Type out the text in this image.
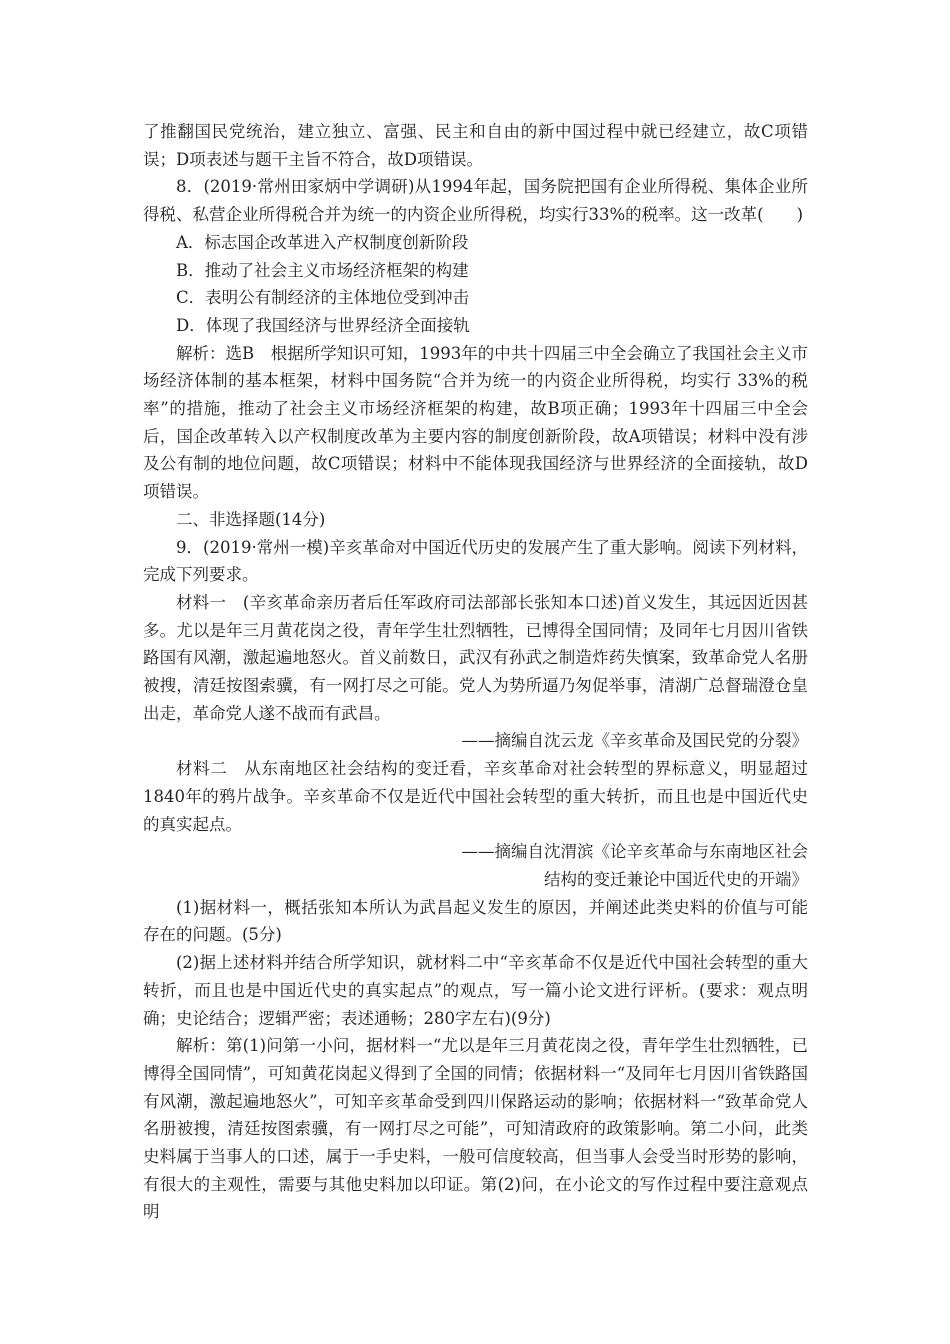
了推翻国民党统治，建立独立、富强、民主和自由的新中国过程中就已经建立，故C项错误；D项表述与题干主旨不符合，故D项错误。

8．(2019·常州田家炳中学调研)从1994年起，国务院把国有企业所得税、集体企业所得税、私营企业所得税合并为统一的内资企业所得税，均实行33%的税率。这一改革(　　)

A．标志国企改革进入产权制度创新阶段

B．推动了社会主义市场经济框架的构建

C．表明公有制经济的主体地位受到冲击

D．体现了我国经济与世界经济全面接轨

解析：选B　根据所学知识可知，1993年的中共十四届三中全会确立了我国社会主义市场经济体制的基本框架，材料中国务院“合并为统一的内资企业所得税，均实行 33%的税率”的措施，推动了社会主义市场经济框架的构建，故B项正确；1993年十四届三中全会后，国企改革转入以产权制度改革为主要内容的制度创新阶段，故A项错误；材料中没有涉及公有制的地位问题，故C项错误；材料中不能体现我国经济与世界经济的全面接轨，故D项错误。

二、非选择题(14分)

9．(2019·常州一模)辛亥革命对中国近代历史的发展产生了重大影响。阅读下列材料，完成下列要求。

材料一　(辛亥革命亲历者后任军政府司法部部长张知本口述)首义发生，其远因近因甚多。尤以是年三月黄花岗之役，青年学生壮烈牺牲，已博得全国同情；及同年七月因川省铁路国有风潮，激起遍地怒火。首义前数日，武汉有孙武之制造炸药失慎案，致革命党人名册被搜，清廷按图索骥，有一网打尽之可能。党人为势所逼乃匆促举事，清湖广总督瑞澄仓皇出走，革命党人遂不战而有武昌。

——摘编自沈云龙《辛亥革命及国民党的分裂》

材料二　从东南地区社会结构的变迁看，辛亥革命对社会转型的界标意义，明显超过1840年的鸦片战争。辛亥革命不仅是近代中国社会转型的重大转折，而且也是中国近代史的真实起点。

——摘编自沈渭滨《论辛亥革命与东南地区社会

结构的变迁兼论中国近代史的开端》

(1)据材料一，概括张知本所认为武昌起义发生的原因，并阐述此类史料的价值与可能存在的问题。(5分)

(2)据上述材料并结合所学知识，就材料二中“辛亥革命不仅是近代中国社会转型的重大转折，而且也是中国近代史的真实起点”的观点，写一篇小论文进行评析。(要求：观点明确；史论结合；逻辑严密；表述通畅；280字左右)(9分)

解析：第(1)问第一小问，据材料一“尤以是年三月黄花岗之役，青年学生壮烈牺牲，已博得全国同情”，可知黄花岗起义得到了全国的同情；依据材料一“及同年七月因川省铁路国有风潮，激起遍地怒火”，可知辛亥革命受到四川保路运动的影响；依据材料一“致革命党人名册被搜，清廷按图索骥，有一网打尽之可能”，可知清政府的政策影响。第二小问，此类史料属于当事人的口述，属于一手史料，一般可信度较高，但当事人会受当时形势的影响，有很大的主观性，需要与其他史料加以印证。第(2)问，在小论文的写作过程中要注意观点明
